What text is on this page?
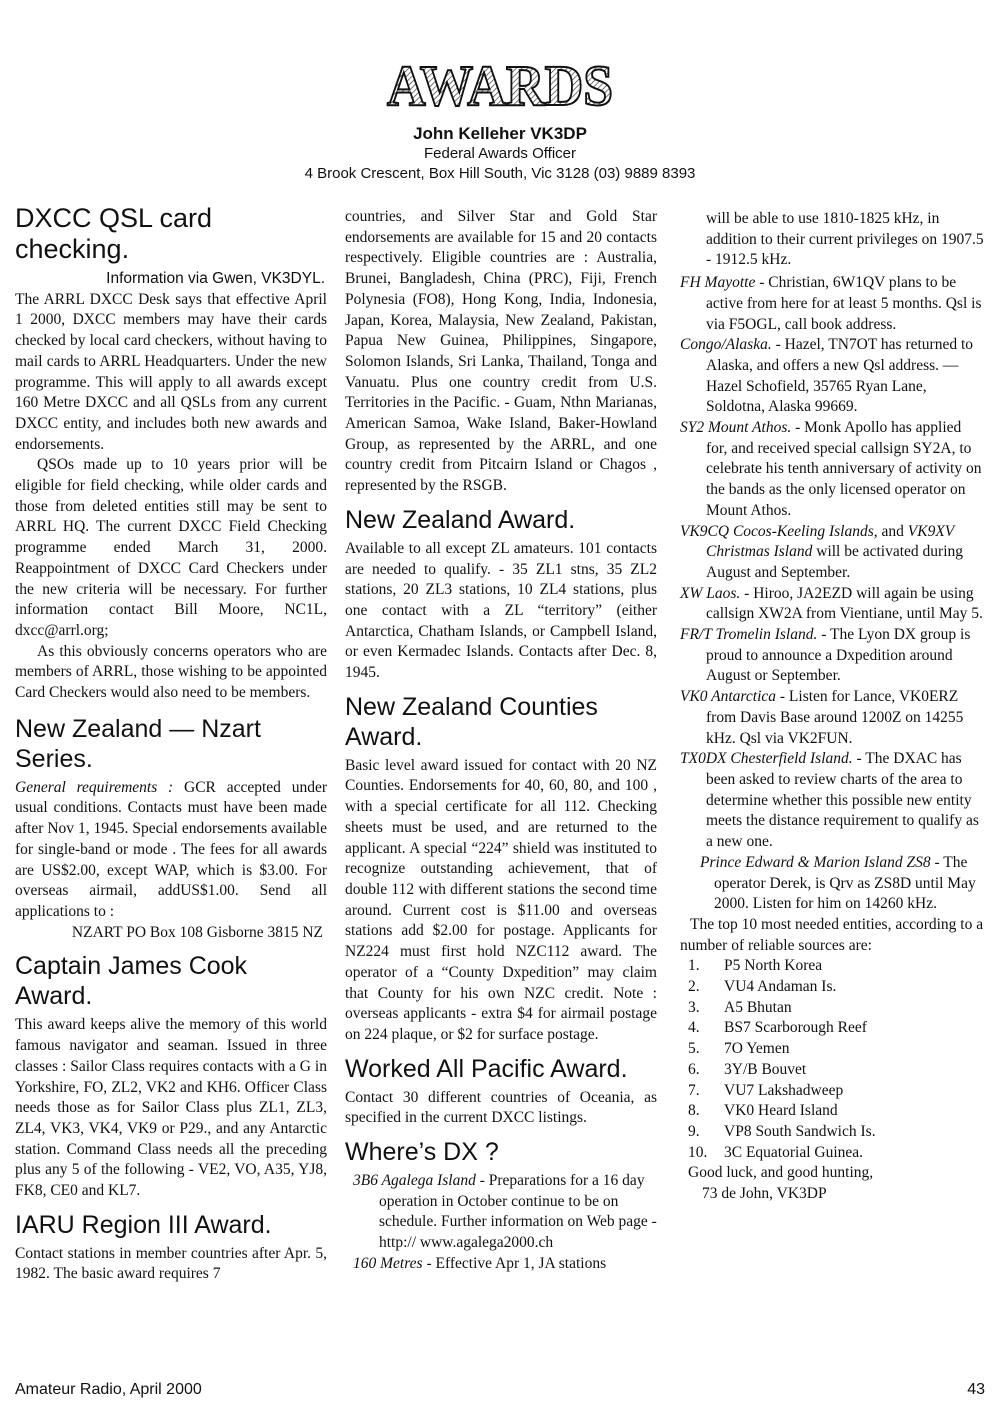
AWARDS
John Kelleher VK3DP
Federal Awards Officer
4 Brook Crescent, Box Hill South, Vic 3128 (03) 9889 8393
DXCC QSL card checking.

Information via Gwen, VK3DYL.

The ARRL DXCC Desk says that effective April 1 2000, DXCC members may have their cards checked by local card checkers, without having to mail cards to ARRL Headquarters. Under the new programme. This will apply to all awards except 160 Metre DXCC and all QSLs from any current DXCC entity, and includes both new awards and endorsements.

QSOs made up to 10 years prior will be eligible for field checking, while older cards and those from deleted entities still may be sent to ARRL HQ. The current DXCC Field Checking programme ended March 31, 2000. Reappointment of DXCC Card Checkers under the new criteria will be necessary. For further information contact Bill Moore, NC1L, dxcc@arrl.org;

As this obviously concerns operators who are members of ARRL, those wishing to be appointed Card Checkers would also need to be members.

New Zealand — Nzart Series.

General requirements : GCR accepted under usual conditions. Contacts must have been made after Nov 1, 1945. Special endorsements available for single-band or mode . The fees for all awards are US$2.00, except WAP, which is $3.00. For overseas airmail, addUS$1.00. Send all applications to :

NZART PO Box 108 Gisborne 3815 NZ

Captain James Cook Award.

This award keeps alive the memory of this world famous navigator and seaman. Issued in three classes : Sailor Class requires contacts with a G in Yorkshire, FO, ZL2, VK2 and KH6. Officer Class needs those as for Sailor Class plus ZL1, ZL3, ZL4, VK3, VK4, VK9 or P29., and any Antarctic station. Command Class needs all the preceding plus any 5 of the following - VE2, VO, A35, YJ8, FK8, CE0 and KL7.

IARU Region III Award.

Contact stations in member countries after Apr. 5, 1982. The basic award requires 7

countries, and Silver Star and Gold Star endorsements are available for 15 and 20 contacts respectively. Eligible countries are : Australia, Brunei, Bangladesh, China (PRC), Fiji, French Polynesia (FO8), Hong Kong, India, Indonesia, Japan, Korea, Malaysia, New Zealand, Pakistan, Papua New Guinea, Philippines, Singapore, Solomon Islands, Sri Lanka, Thailand, Tonga and Vanuatu. Plus one country credit from U.S. Territories in the Pacific. - Guam, Nthn Marianas, American Samoa, Wake Island, Baker-Howland Group, as represented by the ARRL, and one country credit from Pitcairn Island or Chagos , represented by the RSGB.

New Zealand Award.

Available to all except ZL amateurs. 101 contacts are needed to qualify. - 35 ZL1 stns, 35 ZL2 stations, 20 ZL3 stations, 10 ZL4 stations, plus one contact with a ZL “territory” (either Antarctica, Chatham Islands, or Campbell Island, or even Kermadec Islands. Contacts after Dec. 8, 1945.

New Zealand Counties Award.

Basic level award issued for contact with 20 NZ Counties. Endorsements for 40, 60, 80, and 100 , with a special certificate for all 112. Checking sheets must be used, and are returned to the applicant. A special “224” shield was instituted to recognize outstanding achievement, that of double 112 with different stations the second time around. Current cost is $11.00 and overseas stations add $2.00 for postage. Applicants for NZ224 must first hold NZC112 award. The operator of a “County Dxpedition” may claim that County for his own NZC credit. Note : overseas applicants - extra $4 for airmail postage on 224 plaque, or $2 for surface postage.

Worked All Pacific Award.

Contact 30 different countries of Oceania, as specified in the current DXCC listings.

Where’s DX ?

3B6 Agalega Island - Preparations for a 16 day operation in October continue to be on schedule. Further information on Web page - http:// www.agalega2000.ch

160 Metres - Effective Apr 1, JA stations

will be able to use 1810-1825 kHz, in addition to their current privileges on 1907.5 - 1912.5 kHz.

FH Mayotte - Christian, 6W1QV plans to be active from here for at least 5 months. Qsl is via F5OGL, call book address.

Congo/Alaska. - Hazel, TN7OT has returned to Alaska, and offers a new Qsl address. — Hazel Schofield, 35765 Ryan Lane, Soldotna, Alaska 99669.

SY2 Mount Athos. - Monk Apollo has applied for, and received special callsign SY2A, to celebrate his tenth anniversary of activity on the bands as the only licensed operator on Mount Athos.

VK9CQ Cocos-Keeling Islands, and VK9XV Christmas Island will be activated during August and September.

XW Laos. - Hiroo, JA2EZD will again be using callsign XW2A from Vientiane, until May 5.

FR/T Tromelin Island. - The Lyon DX group is proud to announce a Dxpedition around August or September.

VK0 Antarctica - Listen for Lance, VK0ERZ from Davis Base around 1200Z on 14255 kHz. Qsl via VK2FUN.

TX0DX Chesterfield Island. - The DXAC has been asked to review charts of the area to determine whether this possible new entity meets the distance requirement to qualify as a new one.

Prince Edward & Marion Island ZS8 - The operator Derek, is Qrv as ZS8D until May 2000. Listen for him on 14260 kHz.

The top 10 most needed entities, according to a number of reliable sources are:

1.	P5 North Korea
2.	VU4 Andaman Is.
3.	A5 Bhutan
4.	BS7 Scarborough Reef
5.	7O Yemen
6.	3Y/B Bouvet
7.	VU7 Lakshadweep
8.	VK0 Heard Island
9.	VP8 South Sandwich Is.
10.	3C Equatorial Guinea.

Good luck, and good hunting,

73 de John, VK3DP

Amateur Radio, April 2000	43
